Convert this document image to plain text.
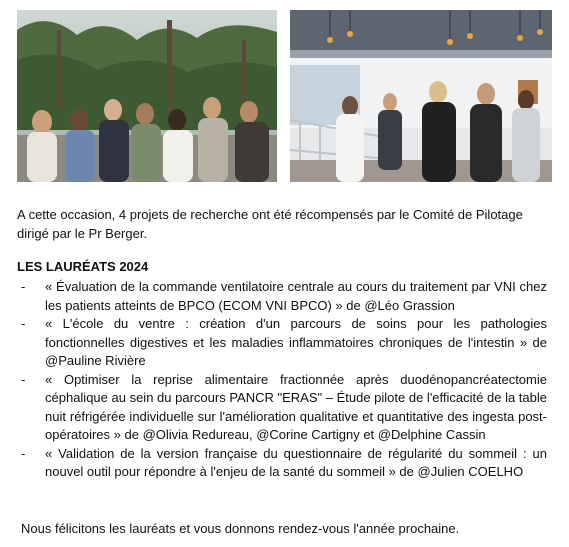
A cette occasion, 4 projets de recherche ont été récompensés par le Comité de Pilotage dirigé par le Pr Berger.

LES LAURÉATS 2024
- « Évaluation de la commande ventilatoire centrale au cours du traitement par VNI chez les patients atteints de BPCO (ECOM VNI BPCO) » de @Léo Grassion
- « L'école du ventre : création d'un parcours de soins pour les pathologies fonctionnelles digestives et les maladies inflammatoires chroniques de l'intestin » de @Pauline Rivière
- « Optimiser la reprise alimentaire fractionnée après duodénopancréatectomie céphalique au sein du parcours PANCR "ERAS" – Étude pilote de l'efficacité de la table nuit réfrigérée individuelle sur l'amélioration qualitative et quantitative des ingesta post-opératoires » de @Olivia Redureau, @Corine Cartigny et @Delphine Cassin
- « Validation de la version française du questionnaire de régularité du sommeil : un nouvel outil pour répondre à l'enjeu de la santé du sommeil » de @Julien COELHO

Nous félicitons les lauréats et vous donnons rendez-vous l'année prochaine.
